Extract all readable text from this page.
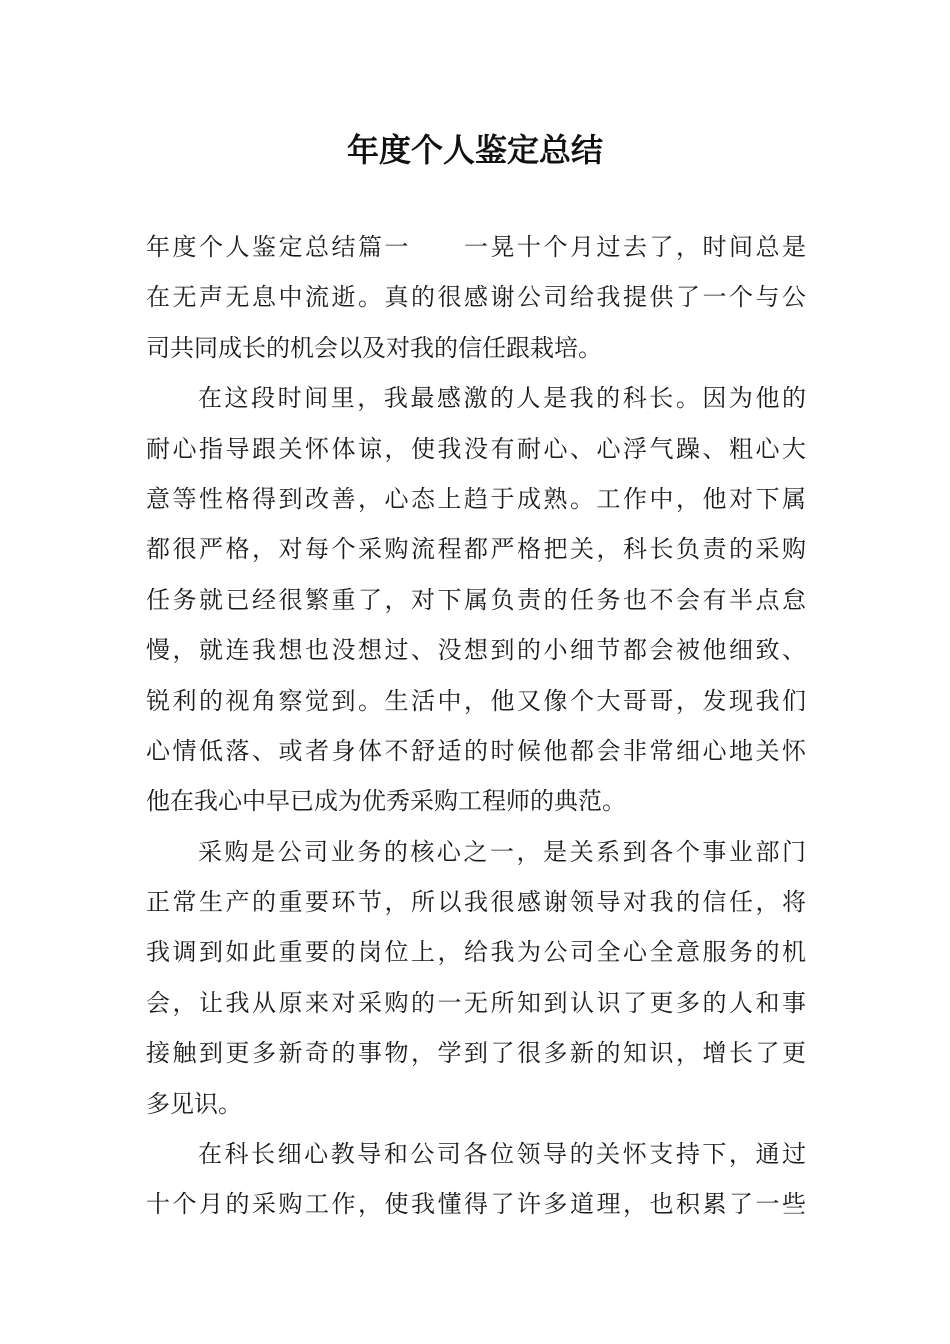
年度个人鉴定总结
年度个人鉴定总结篇一　　一晃十个月过去了，时间总是
在无声无息中流逝。真的很感谢公司给我提供了一个与公
司共同成长的机会以及对我的信任跟栽培。
在这段时间里，我最感激的人是我的科长。因为他的
耐心指导跟关怀体谅，使我没有耐心、心浮气躁、粗心大
意等性格得到改善，心态上趋于成熟。工作中，他对下属
都很严格，对每个采购流程都严格把关，科长负责的采购
任务就已经很繁重了，对下属负责的任务也不会有半点怠
慢，就连我想也没想过、没想到的小细节都会被他细致、
锐利的视角察觉到。生活中，他又像个大哥哥，发现我们
心情低落、或者身体不舒适的时候他都会非常细心地关怀
他在我心中早已成为优秀采购工程师的典范。
采购是公司业务的核心之一，是关系到各个事业部门
正常生产的重要环节，所以我很感谢领导对我的信任，将
我调到如此重要的岗位上，给我为公司全心全意服务的机
会，让我从原来对采购的一无所知到认识了更多的人和事
接触到更多新奇的事物，学到了很多新的知识，增长了更
多见识。
在科长细心教导和公司各位领导的关怀支持下，通过
十个月的采购工作，使我懂得了许多道理，也积累了一些
